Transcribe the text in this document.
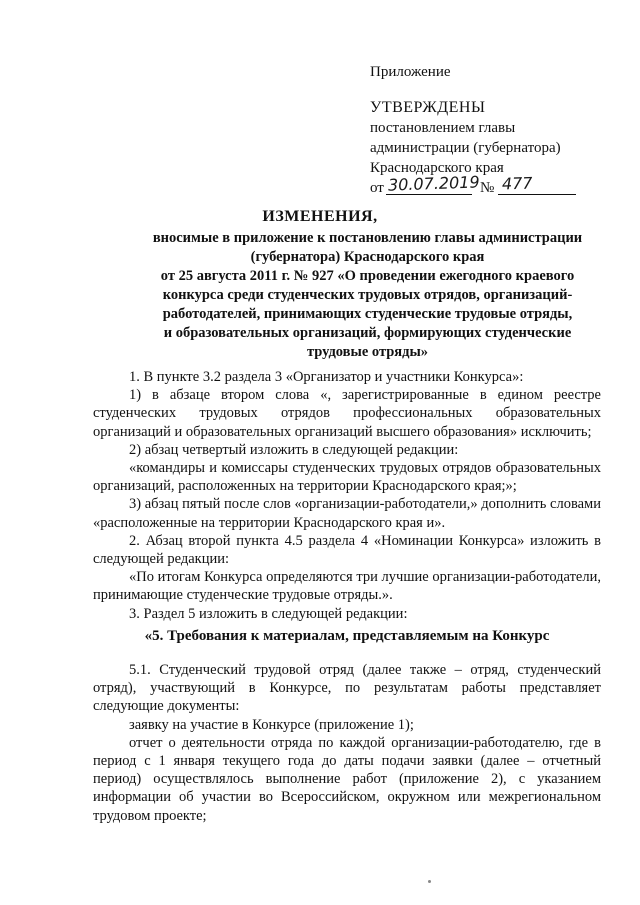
Приложение
УТВЕРЖДЕНЫ
постановлением главы
администрации (губернатора)
Краснодарского края
от 30.07.2019 № 477
ИЗМЕНЕНИЯ,
вносимые в приложение к постановлению главы администрации
(губернатора) Краснодарского края
от 25 августа 2011 г. № 927 «О проведении ежегодного краевого
конкурса среди студенческих трудовых отрядов, организаций-
работодателей, принимающих студенческие трудовые отряды,
и образовательных организаций, формирующих студенческие
трудовые отряды»

1. В пункте 3.2 раздела 3 «Организатор и участники Конкурса»:

1) в абзаце втором слова «, зарегистрированные в едином реестре студенческих трудовых отрядов профессиональных образовательных организаций и образовательных организаций высшего образования» исключить;

2) абзац четвертый изложить в следующей редакции:

«командиры и комиссары студенческих трудовых отрядов образовательных организаций, расположенных на территории Краснодарского края;»;

3) абзац пятый после слов «организации-работодатели,» дополнить словами «расположенные на территории Краснодарского края и».

2. Абзац второй пункта 4.5 раздела 4 «Номинации Конкурса» изложить в следующей редакции:

«По итогам Конкурса определяются три лучшие организации-работодатели, принимающие студенческие трудовые отряды.».

3. Раздел 5 изложить в следующей редакции:

«5. Требования к материалам, представляемым на Конкурс

5.1. Студенческий трудовой отряд (далее также – отряд, студенческий отряд), участвующий в Конкурсе, по результатам работы представляет следующие документы:

заявку на участие в Конкурсе (приложение 1);

отчет о деятельности отряда по каждой организации-работодателю, где в период с 1 января текущего года до даты подачи заявки (далее – отчетный период) осуществлялось выполнение работ (приложение 2), с указанием информации об участии во Всероссийском, окружном или межрегиональном трудовом проекте;
